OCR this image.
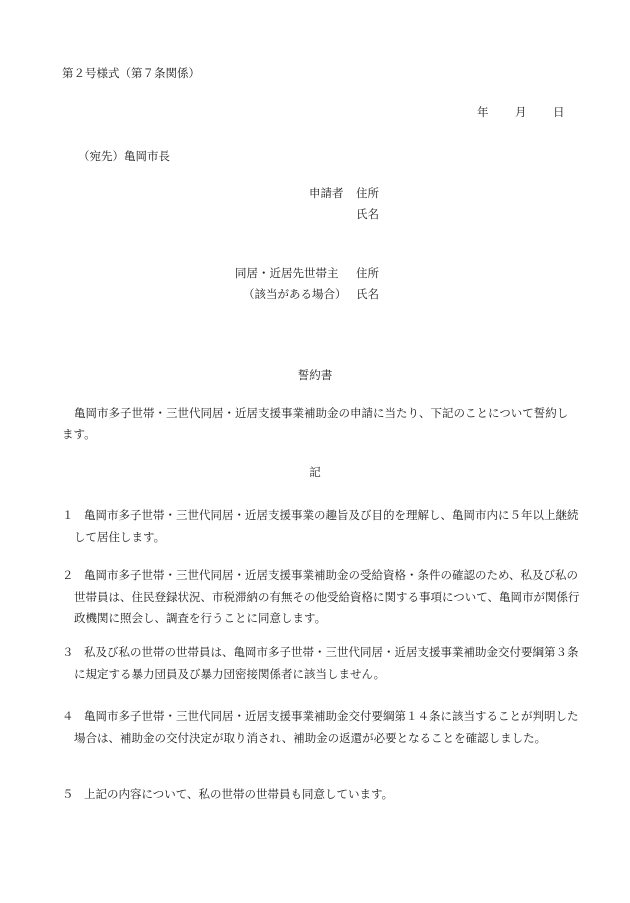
第２号様式（第７条関係）
年 月 日
（宛先）亀岡市長
申請者 住所
氏名
同居・近居先世帯主 住所
（該当がある場合） 氏名
誓約書
亀岡市多子世帯・三世代同居・近居支援事業補助金の申請に当たり、下記のことについて誓約します。
記
１ 亀岡市多子世帯・三世代同居・近居支援事業の趣旨及び目的を理解し、亀岡市内に５年以上継続して居住します。
２ 亀岡市多子世帯・三世代同居・近居支援事業補助金の受給資格・条件の確認のため、私及び私の世帯員は、住民登録状況、市税滞納の有無その他受給資格に関する事項について、亀岡市が関係行政機関に照会し、調査を行うことに同意します。
３ 私及び私の世帯の世帯員は、亀岡市多子世帯・三世代同居・近居支援事業補助金交付要綱第３条に規定する暴力団員及び暴力団密接関係者に該当しません。
４ 亀岡市多子世帯・三世代同居・近居支援事業補助金交付要綱第１４条に該当することが判明した場合は、補助金の交付決定が取り消され、補助金の返還が必要となることを確認しました。
５ 上記の内容について、私の世帯の世帯員も同意しています。
